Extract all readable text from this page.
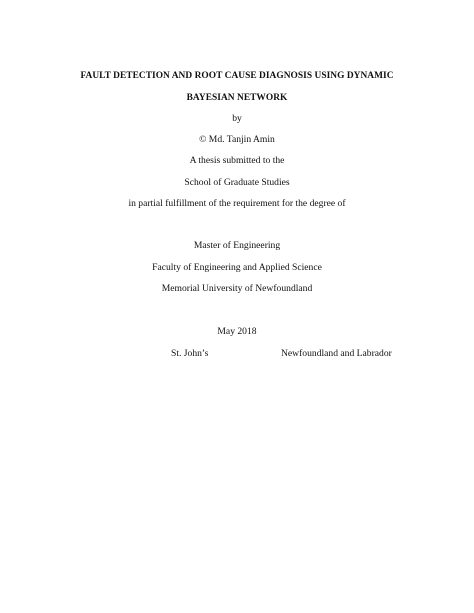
FAULT DETECTION AND ROOT CAUSE DIAGNOSIS USING DYNAMIC
BAYESIAN NETWORK
by
© Md. Tanjin Amin
A thesis submitted to the
School of Graduate Studies
in partial fulfillment of the requirement for the degree of
Master of Engineering
Faculty of Engineering and Applied Science
Memorial University of Newfoundland
May 2018
St. John’s	Newfoundland and Labrador
